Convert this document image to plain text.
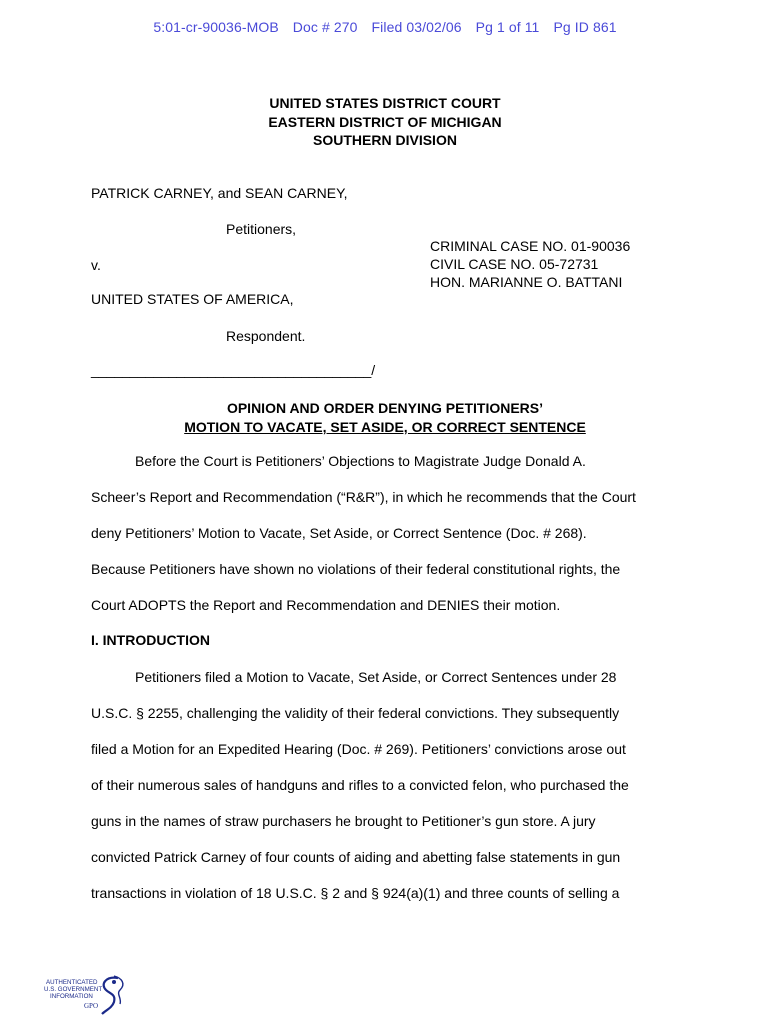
5:01-cr-90036-MOB Doc # 270 Filed 03/02/06 Pg 1 of 11 Pg ID 861
UNITED STATES DISTRICT COURT
EASTERN DISTRICT OF MICHIGAN
SOUTHERN DIVISION
PATRICK CARNEY, and SEAN CARNEY,
Petitioners,
v.
UNITED STATES OF AMERICA,
Respondent.
____________________________________/
CRIMINAL CASE NO. 01-90036
CIVIL CASE NO. 05-72731
HON. MARIANNE O. BATTANI
OPINION AND ORDER DENYING PETITIONERS’
MOTION TO VACATE, SET ASIDE, OR CORRECT SENTENCE
Before the Court is Petitioners’ Objections to Magistrate Judge Donald A.
Scheer’s Report and Recommendation (“R&R”), in which he recommends that the Court
deny Petitioners’ Motion to Vacate, Set Aside, or Correct Sentence (Doc. # 268).
Because Petitioners have shown no violations of their federal constitutional rights, the
Court ADOPTS the Report and Recommendation and DENIES their motion.
I. INTRODUCTION
Petitioners filed a Motion to Vacate, Set Aside, or Correct Sentences under 28
U.S.C. § 2255, challenging the validity of their federal convictions. They subsequently
filed a Motion for an Expedited Hearing (Doc. # 269). Petitioners’ convictions arose out
of their numerous sales of handguns and rifles to a convicted felon, who purchased the
guns in the names of straw purchasers he brought to Petitioner’s gun store. A jury
convicted Patrick Carney of four counts of aiding and abetting false statements in gun
transactions in violation of 18 U.S.C. § 2 and § 924(a)(1) and three counts of selling a
AUTHENTICATED
U.S. GOVERNMENT
INFORMATION
GPO
